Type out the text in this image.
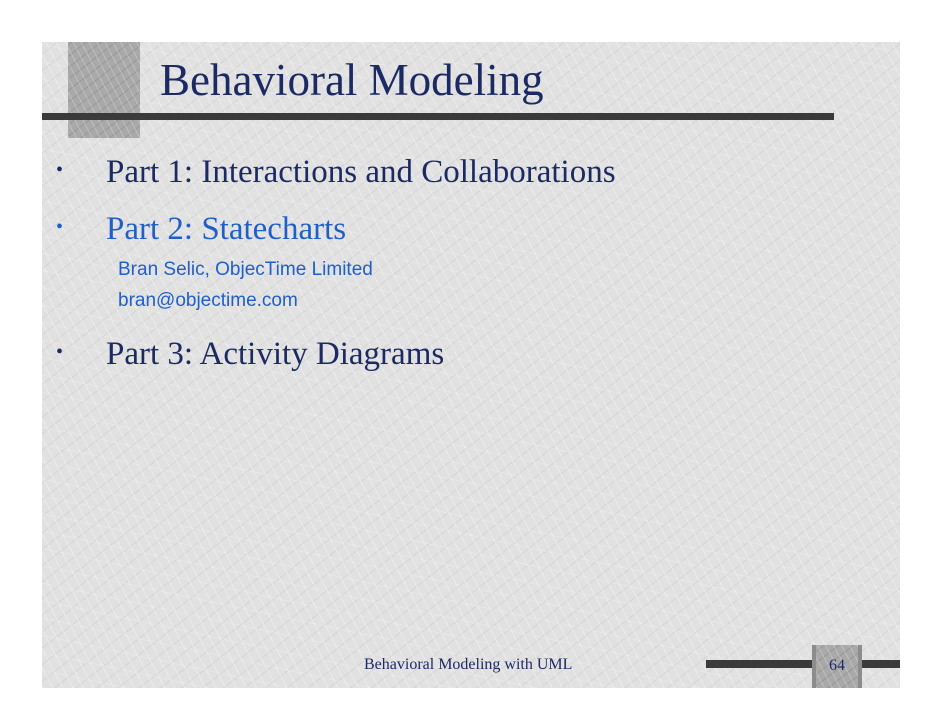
Behavioral Modeling
• Part 1: Interactions and Collaborations
• Part 2: Statecharts
Bran Selic, ObjecTime Limited
bran@objectime.com
• Part 3: Activity Diagrams
Behavioral Modeling with UML	64
